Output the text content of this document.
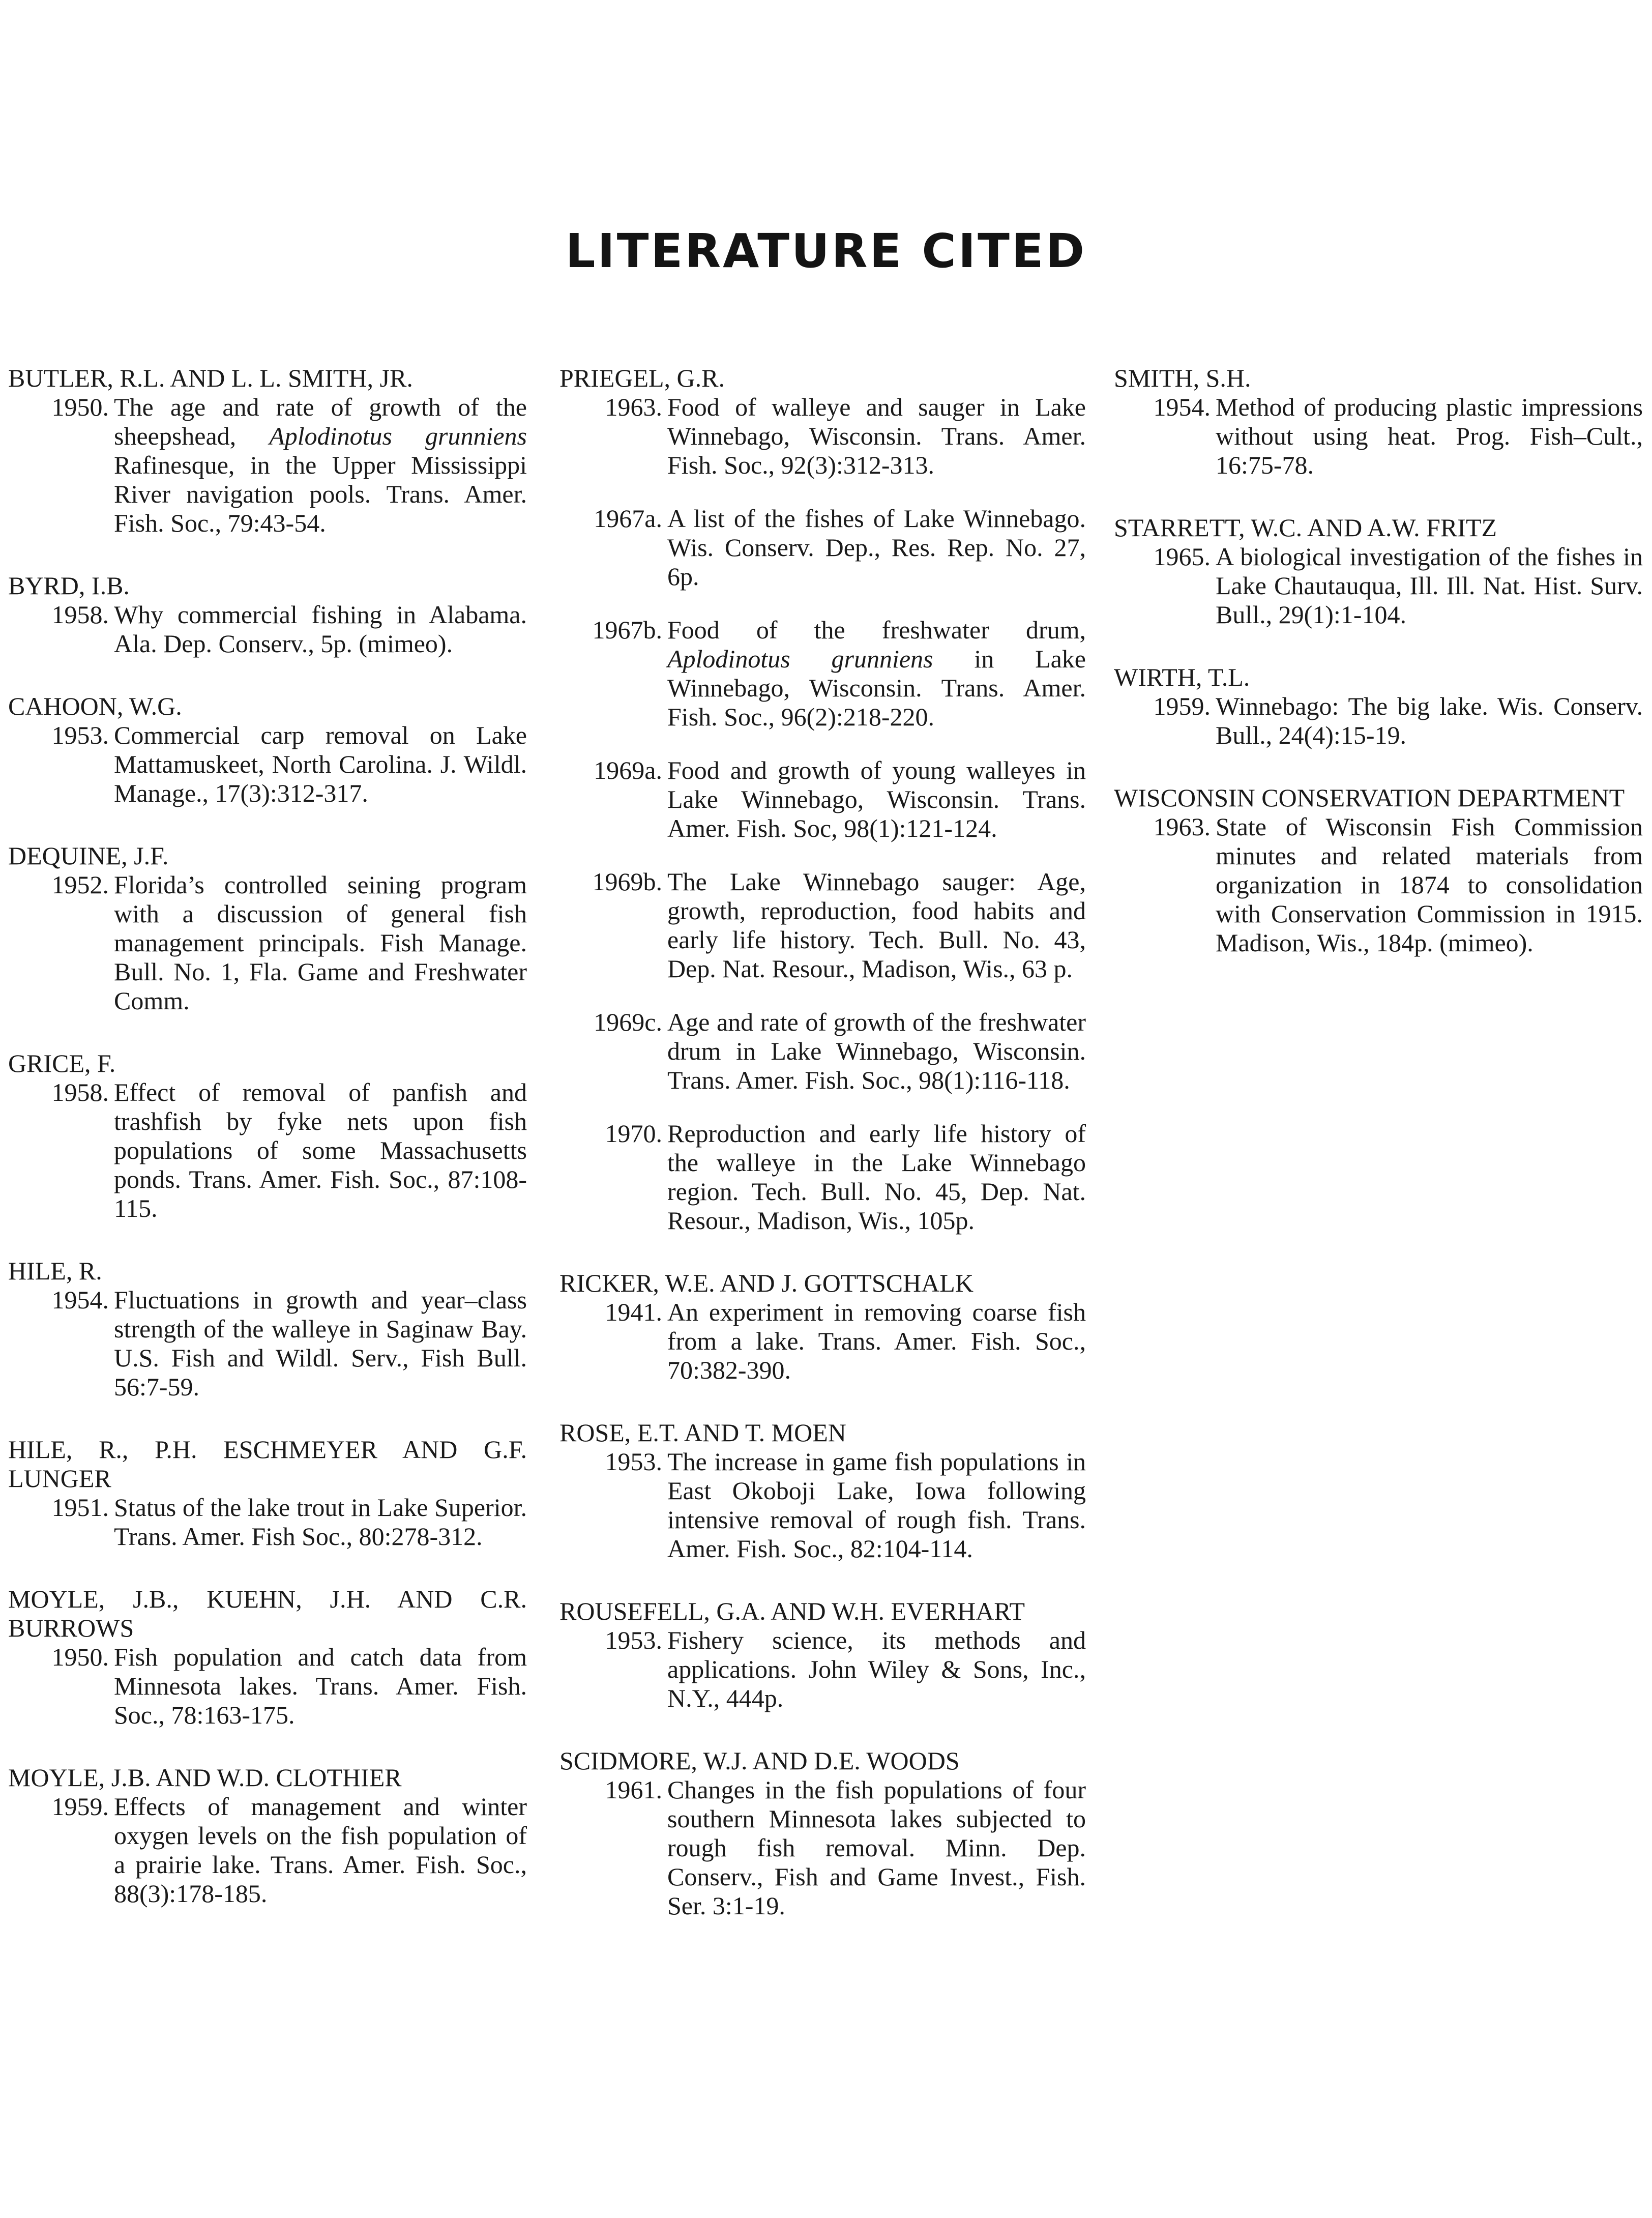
LITERATURE CITED
BUTLER, R.L. AND L. L. SMITH, JR.
1950. The age and rate of growth of the sheepshead, Aplodinotus grunniens Rafinesque, in the Upper Mississippi River navigation pools. Trans. Amer. Fish. Soc., 79:43-54.
BYRD, I.B.
1958. Why commercial fishing in Alabama. Ala. Dep. Conserv., 5p. (mimeo).
CAHOON, W.G.
1953. Commercial carp removal on Lake Mattamuskeet, North Carolina. J. Wildl. Manage., 17(3):312-317.
DEQUINE, J.F.
1952. Florida’s controlled seining program with a discussion of general fish management principals. Fish Manage. Bull. No. 1, Fla. Game and Freshwater Comm.
GRICE, F.
1958. Effect of removal of panfish and trashfish by fyke nets upon fish populations of some Massachusetts ponds. Trans. Amer. Fish. Soc., 87:108-115.
HILE, R.
1954. Fluctuations in growth and year–class strength of the walleye in Saginaw Bay. U.S. Fish and Wildl. Serv., Fish Bull. 56:7-59.
HILE, R., P.H. ESCHMEYER AND G.F. LUNGER
1951. Status of the lake trout in Lake Superior. Trans. Amer. Fish Soc., 80:278-312.
MOYLE, J.B., KUEHN, J.H. AND C.R. BURROWS
1950. Fish population and catch data from Minnesota lakes. Trans. Amer. Fish. Soc., 78:163-175.
MOYLE, J.B. AND W.D. CLOTHIER
1959. Effects of management and winter oxygen levels on the fish population of a prairie lake. Trans. Amer. Fish. Soc., 88(3):178-185.
PRIEGEL, G.R.
1963. Food of walleye and sauger in Lake Winnebago, Wisconsin. Trans. Amer. Fish. Soc., 92(3):312-313.
1967a. A list of the fishes of Lake Winnebago. Wis. Conserv. Dep., Res. Rep. No. 27, 6p.
1967b. Food of the freshwater drum, Aplodinotus grunniens in Lake Winnebago, Wisconsin. Trans. Amer. Fish. Soc., 96(2):218-220.
1969a. Food and growth of young walleyes in Lake Winnebago, Wisconsin. Trans. Amer. Fish. Soc, 98(1):121-124.
1969b. The Lake Winnebago sauger: Age, growth, reproduction, food habits and early life history. Tech. Bull. No. 43, Dep. Nat. Resour., Madison, Wis., 63 p.
1969c. Age and rate of growth of the freshwater drum in Lake Winnebago, Wisconsin. Trans. Amer. Fish. Soc., 98(1):116-118.
1970. Reproduction and early life history of the walleye in the Lake Winnebago region. Tech. Bull. No. 45, Dep. Nat. Resour., Madison, Wis., 105p.
RICKER, W.E. AND J. GOTTSCHALK
1941. An experiment in removing coarse fish from a lake. Trans. Amer. Fish. Soc., 70:382-390.
ROSE, E.T. AND T. MOEN
1953. The increase in game fish populations in East Okoboji Lake, Iowa following intensive removal of rough fish. Trans. Amer. Fish. Soc., 82:104-114.
ROUSEFELL, G.A. AND W.H. EVERHART
1953. Fishery science, its methods and applications. John Wiley & Sons, Inc., N.Y., 444p.
SCIDMORE, W.J. AND D.E. WOODS
1961. Changes in the fish populations of four southern Minnesota lakes subjected to rough fish removal. Minn. Dep. Conserv., Fish and Game Invest., Fish. Ser. 3:1-19.
SMITH, S.H.
1954. Method of producing plastic impressions without using heat. Prog. Fish–Cult., 16:75-78.
STARRETT, W.C. AND A.W. FRITZ
1965. A biological investigation of the fishes in Lake Chautauqua, Ill. Ill. Nat. Hist. Surv. Bull., 29(1):1-104.
WIRTH, T.L.
1959. Winnebago: The big lake. Wis. Conserv. Bull., 24(4):15-19.
WISCONSIN CONSERVATION DEPARTMENT
1963. State of Wisconsin Fish Commission minutes and related materials from organization in 1874 to consolidation with Conservation Commission in 1915. Madison, Wis., 184p. (mimeo).
